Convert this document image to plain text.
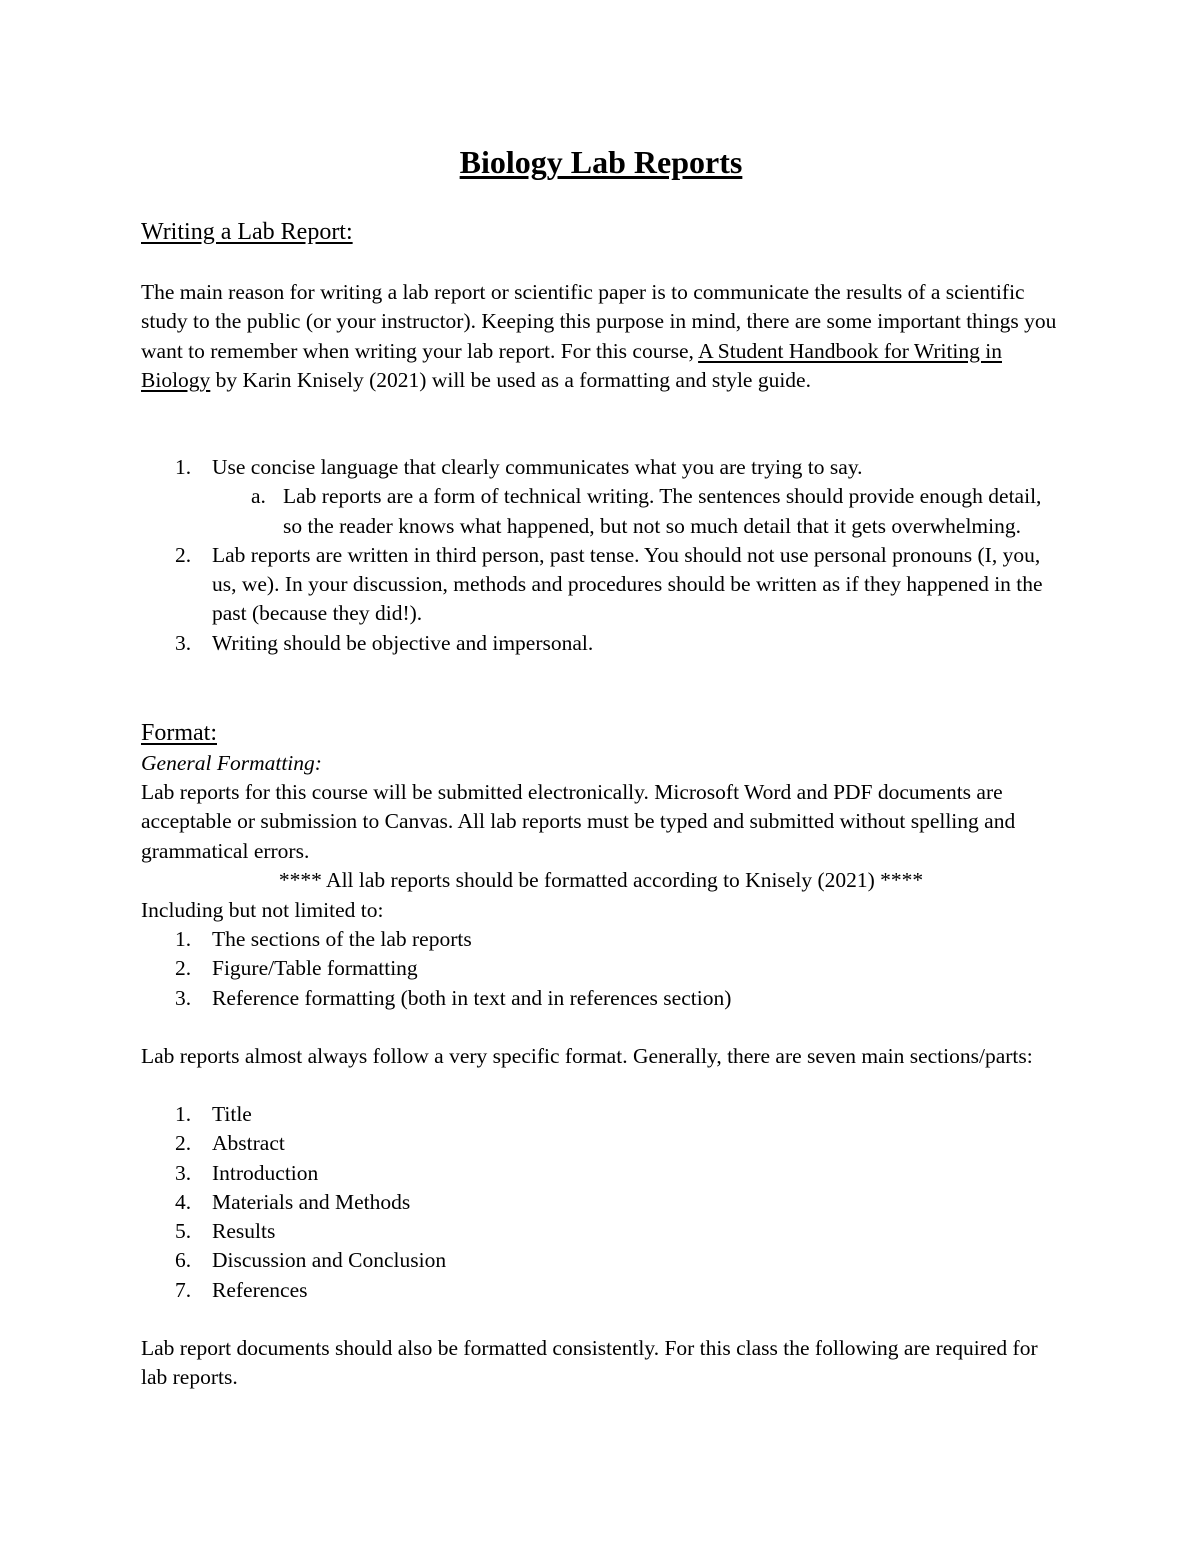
Biology Lab Reports
Writing a Lab Report:

The main reason for writing a lab report or scientific paper is to communicate the results of a scientific study to the public (or your instructor). Keeping this purpose in mind, there are some important things you want to remember when writing your lab report. For this course, A Student Handbook for Writing in Biology by Karin Knisely (2021) will be used as a formatting and style guide.

1. Use concise language that clearly communicates what you are trying to say.
a. Lab reports are a form of technical writing. The sentences should provide enough detail, so the reader knows what happened, but not so much detail that it gets overwhelming.
2. Lab reports are written in third person, past tense. You should not use personal pronouns (I, you, us, we). In your discussion, methods and procedures should be written as if they happened in the past (because they did!).
3. Writing should be objective and impersonal.
Format:

General Formatting:

Lab reports for this course will be submitted electronically. Microsoft Word and PDF documents are acceptable or submission to Canvas. All lab reports must be typed and submitted without spelling and grammatical errors.

**** All lab reports should be formatted according to Knisely (2021) ****

Including but not limited to:

1. The sections of the lab reports
2. Figure/Table formatting
3. Reference formatting (both in text and in references section)

Lab reports almost always follow a very specific format. Generally, there are seven main sections/parts:

1. Title
2. Abstract
3. Introduction
4. Materials and Methods
5. Results
6. Discussion and Conclusion
7. References

Lab report documents should also be formatted consistently. For this class the following are required for lab reports.
